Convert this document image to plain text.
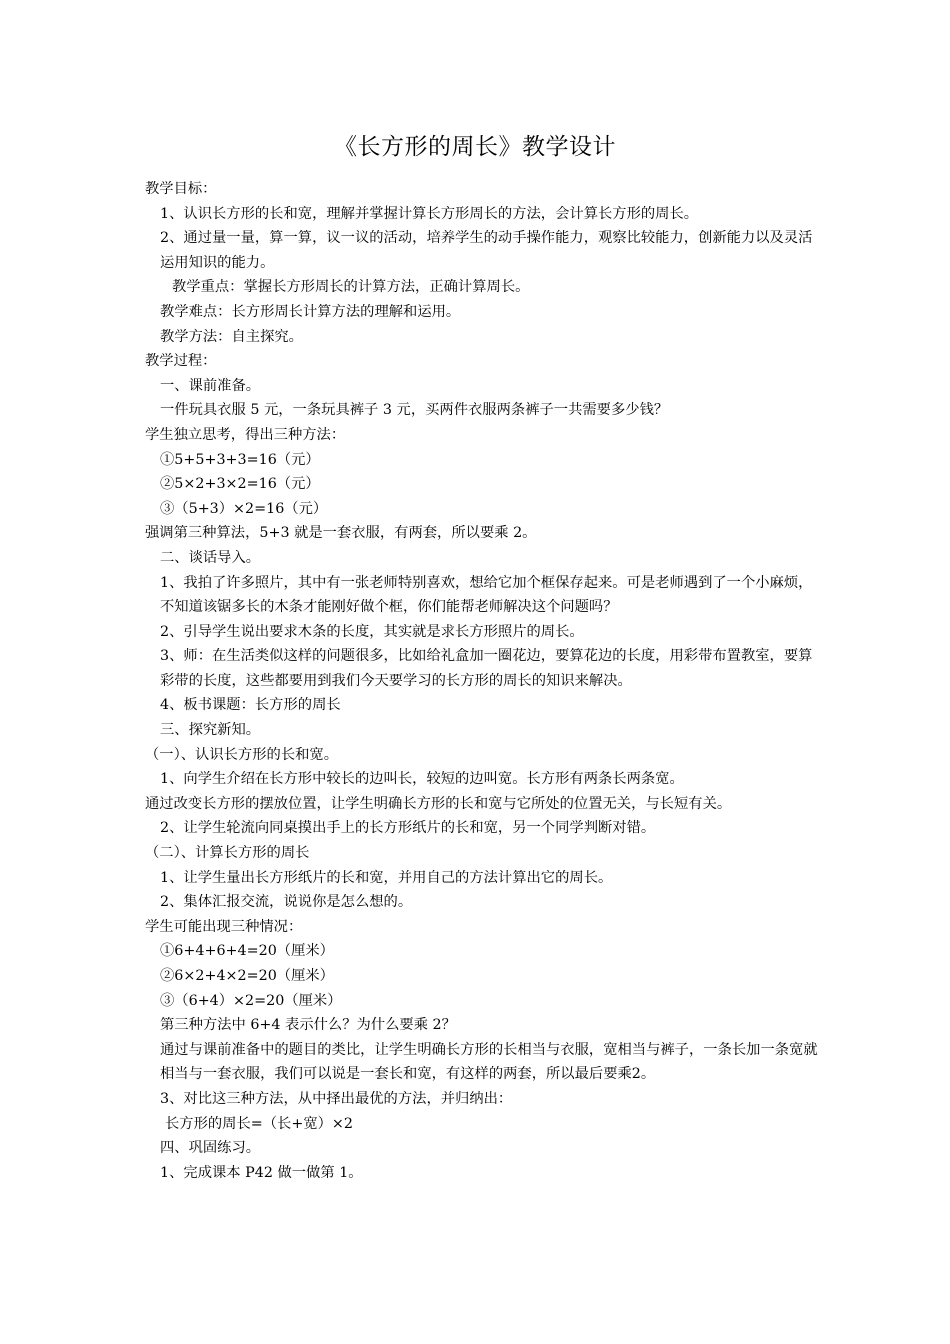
《长方形的周长》教学设计

教学目标：

1、认识长方形的长和宽，理解并掌握计算长方形周长的方法，会计算长方形的周长。

2、通过量一量，算一算，议一议的活动，培养学生的动手操作能力，观察比较能力，创新能力以及灵活运用知识的能力。

教学重点：掌握长方形周长的计算方法，正确计算周长。

教学难点：长方形周长计算方法的理解和运用。

教学方法：自主探究。

教学过程：

一、课前准备。

一件玩具衣服 5 元，一条玩具裤子 3 元，买两件衣服两条裤子一共需要多少钱？

学生独立思考，得出三种方法：

①5+5+3+3=16（元）

②5×2+3×2=16（元）

③（5+3）×2=16（元）

强调第三种算法，5+3 就是一套衣服，有两套，所以要乘 2。

二、谈话导入。

1、我拍了许多照片，其中有一张老师特别喜欢，想给它加个框保存起来。可是老师遇到了一个小麻烦，不知道该锯多长的木条才能刚好做个框，你们能帮老师解决这个问题吗？

2、引导学生说出要求木条的长度，其实就是求长方形照片的周长。

3、师：在生活类似这样的问题很多，比如给礼盒加一圈花边，要算花边的长度，用彩带布置教室，要算彩带的长度，这些都要用到我们今天要学习的长方形的周长的知识来解决。

4、板书课题：长方形的周长

三、探究新知。

（一）、认识长方形的长和宽。

1、向学生介绍在长方形中较长的边叫长，较短的边叫宽。长方形有两条长两条宽。

通过改变长方形的摆放位置，让学生明确长方形的长和宽与它所处的位置无关，与长短有关。

2、让学生轮流向同桌摸出手上的长方形纸片的长和宽，另一个同学判断对错。

（二）、计算长方形的周长

1、让学生量出长方形纸片的长和宽，并用自己的方法计算出它的周长。

2、集体汇报交流，说说你是怎么想的。

学生可能出现三种情况：

①6+4+6+4=20（厘米）

②6×2+4×2=20（厘米）

③（6+4）×2=20（厘米）

第三种方法中 6+4 表示什么？为什么要乘 2？

通过与课前准备中的题目的类比，让学生明确长方形的长相当与衣服，宽相当与裤子，一条长加一条宽就相当与一套衣服，我们可以说是一套长和宽，有这样的两套，所以最后要乘2。

3、对比这三种方法，从中择出最优的方法，并归纳出：

长方形的周长=（长+宽）×2

四、巩固练习。

1、完成课本 P42 做一做第 1。
